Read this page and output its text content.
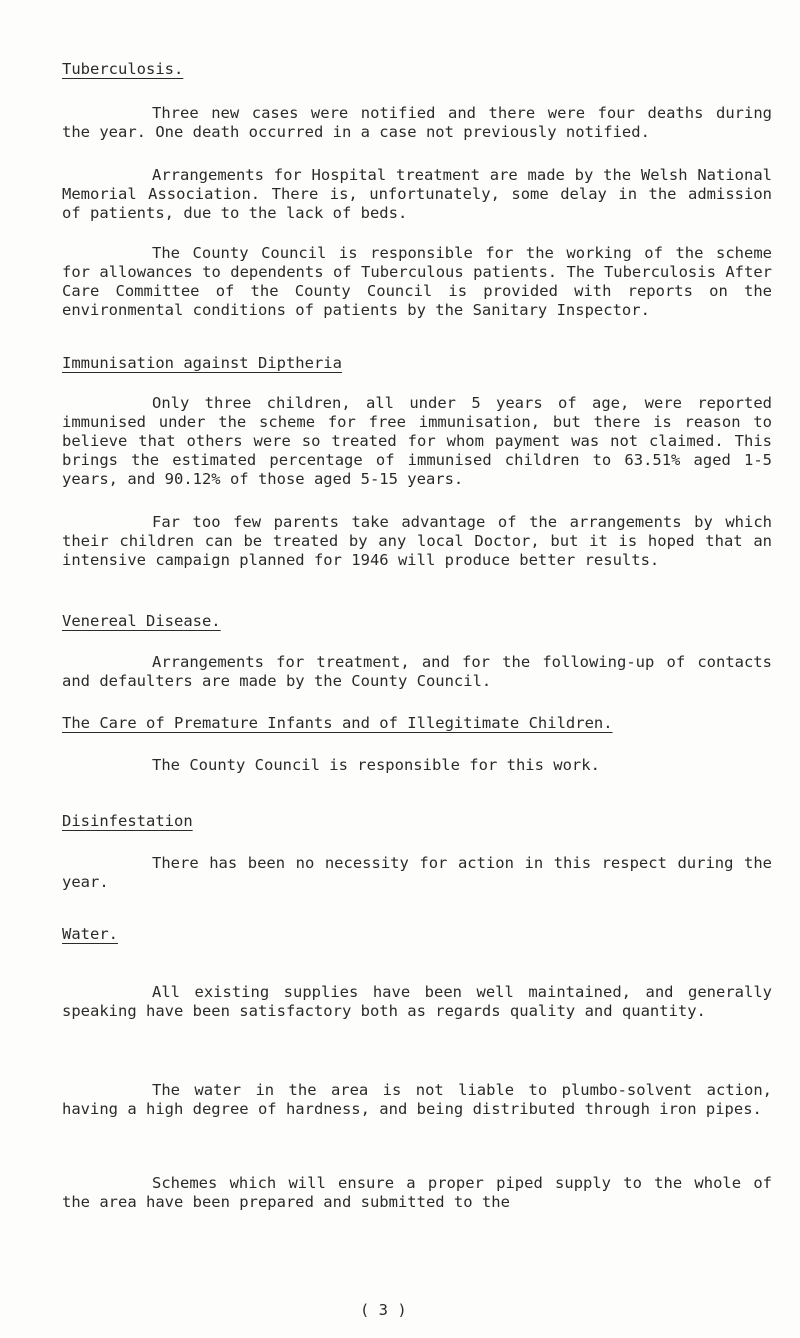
Tuberculosis.
Three new cases were notified and there were four deaths during the year. One death occurred in a case not previously notified.
Arrangements for Hospital treatment are made by the Welsh National Memorial Association. There is, unfortunately, some delay in the admission of patients, due to the lack of beds.
The County Council is responsible for the working of the scheme for allowances to dependents of Tuberculous patients. The Tuberculosis After Care Committee of the County Council is provided with reports on the environmental conditions of patients by the Sanitary Inspector.
Immunisation against Diptheria
Only three children, all under 5 years of age, were reported immunised under the scheme for free immunisation, but there is reason to believe that others were so treated for whom payment was not claimed. This brings the estimated percentage of immunised children to 63.51% aged 1-5 years, and 90.12% of those aged 5-15 years.
Far too few parents take advantage of the arrangements by which their children can be treated by any local Doctor, but it is hoped that an intensive campaign planned for 1946 will produce better results.
Venereal Disease.
Arrangements for treatment, and for the following-up of contacts and defaulters are made by the County Council.
The Care of Premature Infants and of Illegitimate Children.
The County Council is responsible for this work.
Disinfestation
There has been no necessity for action in this respect during the year.
Water.
All existing supplies have been well maintained, and generally speaking have been satisfactory both as regards quality and quantity.
The water in the area is not liable to plumbo-solvent action, having a high degree of hardness, and being distributed through iron pipes.
Schemes which will ensure a proper piped supply to the whole of the area have been prepared and submitted to the
( 3 )
